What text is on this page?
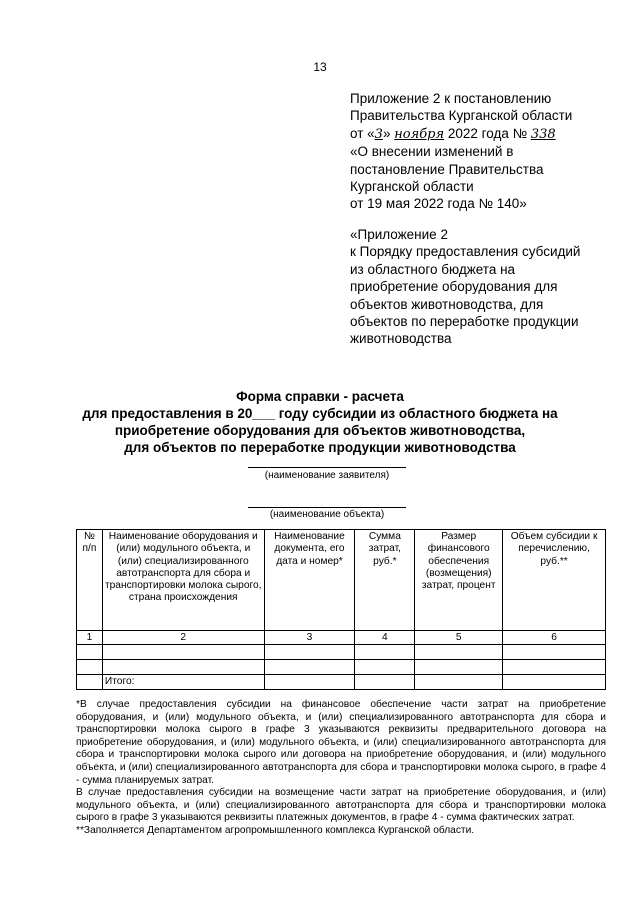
13
Приложение 2 к постановлению
Правительства Курганской области
от «3» ноября 2022 года № 338
«О внесении изменений в
постановление Правительства
Курганской области
от 19 мая 2022 года № 140»
«Приложение 2
к Порядку предоставления субсидий
из областного бюджета на
приобретение оборудования для
объектов животноводства, для
объектов по переработке продукции
животноводства
Форма справки - расчета
для предоставления в 20___ году субсидии из областного бюджета на
приобретение оборудования для объектов животноводства,
для объектов по переработке продукции животноводства
(наименование заявителя)
(наименование объекта)
№ п/п	Наименование оборудования и (или) модульного объекта, и (или) специализированного автотранспорта для сбора и транспортировки молока сырого, страна происхождения	Наименование документа, его дата и номер*	Сумма затрат, руб.*	Размер финансового обеспечения (возмещения) затрат, процент	Объем субсидии к перечислению, руб.**
1	2	3	4	5	6

	Итого:				

*В случае предоставления субсидии на финансовое обеспечение части затрат на приобретение оборудования, и (или) модульного объекта, и (или) специализированного автотранспорта для сбора и транспортировки молока сырого в графе 3 указываются реквизиты предварительного договора на приобретение оборудования, и (или) модульного объекта, и (или) специализированного автотранспорта для сбора и транспортировки молока сырого или договора на приобретение оборудования, и (или) модульного объекта, и (или) специализированного автотранспорта для сбора и транспортировки молока сырого, в графе 4 - сумма планируемых затрат.

В случае предоставления субсидии на возмещение части затрат на приобретение оборудования, и (или) модульного объекта, и (или) специализированного автотранспорта для сбора и транспортировки молока сырого в графе 3 указываются реквизиты платежных документов, в графе 4 - сумма фактических затрат.

**Заполняется Департаментом агропромышленного комплекса Курганской области.
